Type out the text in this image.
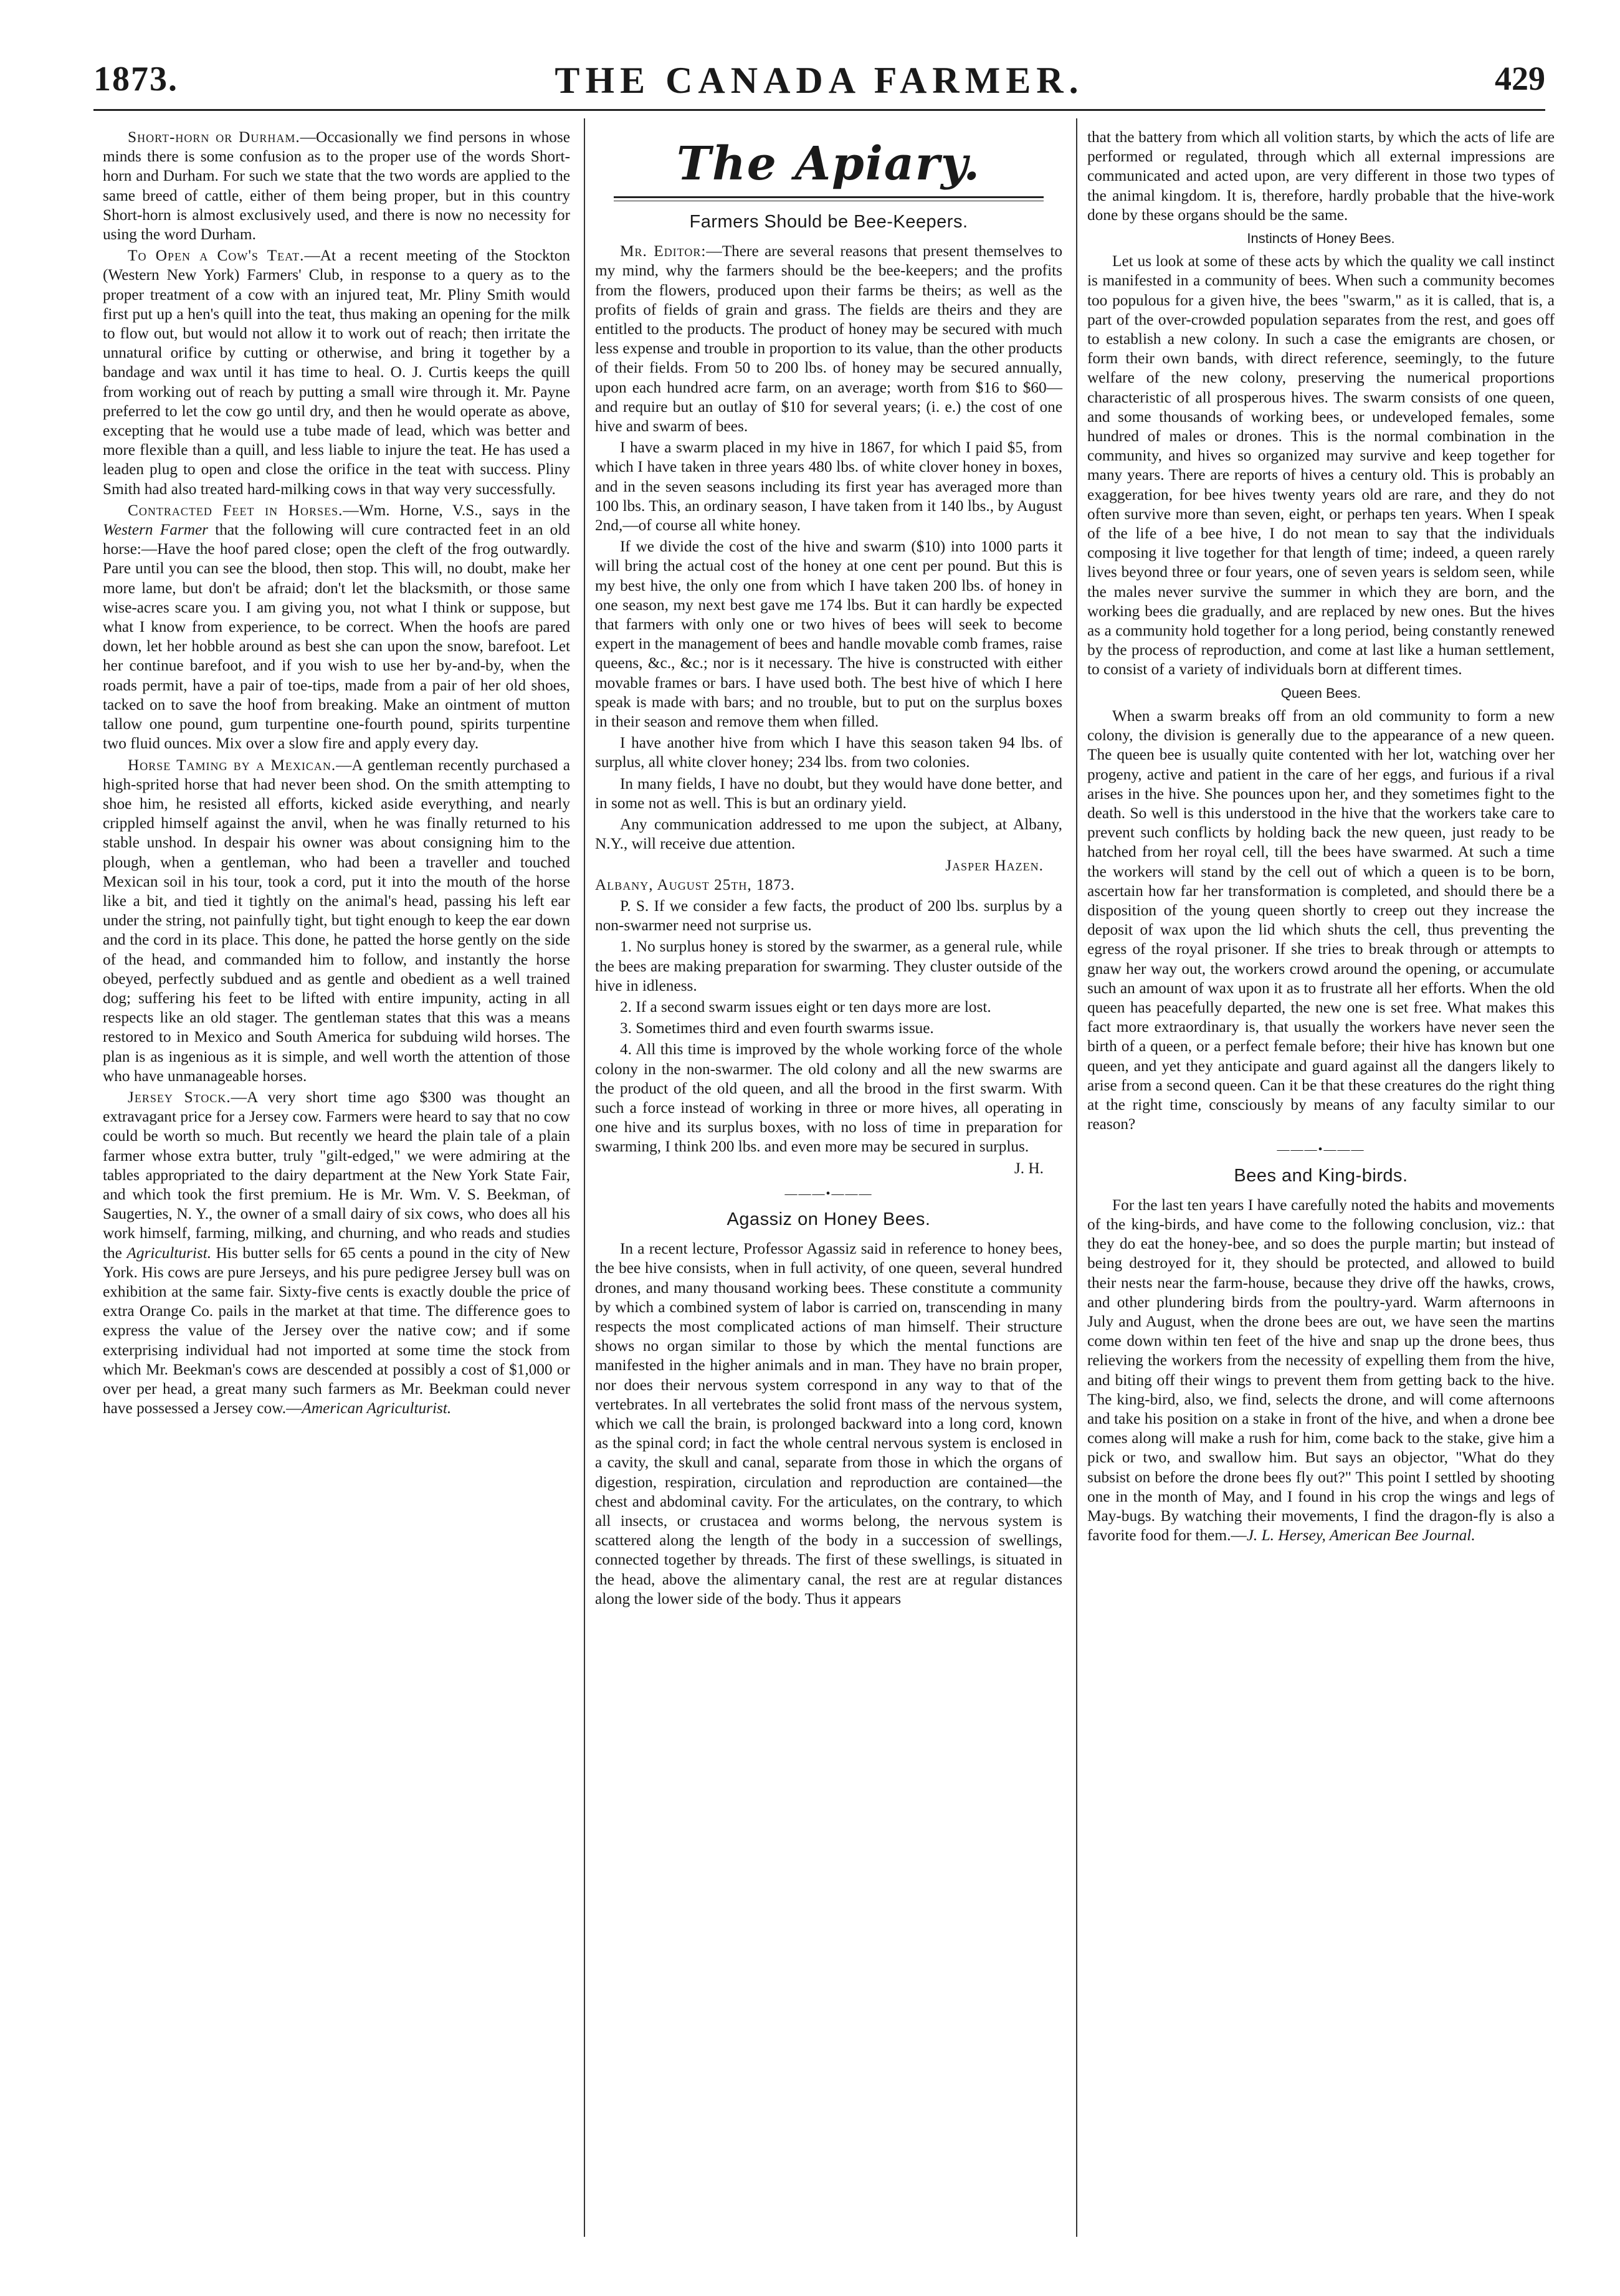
1873.	THE CANADA FARMER.	429

Short-horn or Durham.—Occasionally we find persons in whose minds there is some confusion as to the proper use of the words Short-horn and Durham. For such we state that the two words are applied to the same breed of cattle, either of them being proper, but in this country Short-horn is almost exclusively used, and there is now no necessity for using the word Durham.

To Open a Cow's Teat.—At a recent meeting of the Stockton (Western New York) Farmers' Club, in response to a query as to the proper treatment of a cow with an injured teat, Mr. Pliny Smith would first put up a hen's quill into the teat, thus making an opening for the milk to flow out, but would not allow it to work out of reach; then irritate the unnatural orifice by cutting or otherwise, and bring it together by a bandage and wax until it has time to heal. O. J. Curtis keeps the quill from working out of reach by putting a small wire through it. Mr. Payne preferred to let the cow go until dry, and then he would operate as above, excepting that he would use a tube made of lead, which was better and more flexible than a quill, and less liable to injure the teat. He has used a leaden plug to open and close the orifice in the teat with success. Pliny Smith had also treated hard-milking cows in that way very successfully.

Contracted Feet in Horses.—Wm. Horne, V.S., says in the Western Farmer that the following will cure contracted feet in an old horse:—Have the hoof pared close; open the cleft of the frog outwardly. Pare until you can see the blood, then stop. This will, no doubt, make her more lame, but don't be afraid; don't let the blacksmith, or those same wise-acres scare you. I am giving you, not what I think or suppose, but what I know from experience, to be correct. When the hoofs are pared down, let her hobble around as best she can upon the snow, barefoot. Let her continue barefoot, and if you wish to use her by-and-by, when the roads permit, have a pair of toe-tips, made from a pair of her old shoes, tacked on to save the hoof from breaking. Make an ointment of mutton tallow one pound, gum turpentine one-fourth pound, spirits turpentine two fluid ounces. Mix over a slow fire and apply every day.

Horse Taming by a Mexican.—A gentleman recently purchased a high-sprited horse that had never been shod. On the smith attempting to shoe him, he resisted all efforts, kicked aside everything, and nearly crippled himself against the anvil, when he was finally returned to his stable unshod. In despair his owner was about consigning him to the plough, when a gentleman, who had been a traveller and touched Mexican soil in his tour, took a cord, put it into the mouth of the horse like a bit, and tied it tightly on the animal's head, passing his left ear under the string, not painfully tight, but tight enough to keep the ear down and the cord in its place. This done, he patted the horse gently on the side of the head, and commanded him to follow, and instantly the horse obeyed, perfectly subdued and as gentle and obedient as a well trained dog; suffering his feet to be lifted with entire impunity, acting in all respects like an old stager. The gentleman states that this was a means restored to in Mexico and South America for subduing wild horses. The plan is as ingenious as it is simple, and well worth the attention of those who have unmanageable horses.

Jersey Stock.—A very short time ago $300 was thought an extravagant price for a Jersey cow. Farmers were heard to say that no cow could be worth so much. But recently we heard the plain tale of a plain farmer whose extra butter, truly "gilt-edged," we were admiring at the tables appropriated to the dairy department at the New York State Fair, and which took the first premium. He is Mr. Wm. V. S. Beekman, of Saugerties, N. Y., the owner of a small dairy of six cows, who does all his work himself, farming, milking, and churning, and who reads and studies the Agriculturist. His butter sells for 65 cents a pound in the city of New York. His cows are pure Jerseys, and his pure pedigree Jersey bull was on exhibition at the same fair. Sixty-five cents is exactly double the price of extra Orange Co. pails in the market at that time. The difference goes to express the value of the Jersey over the native cow; and if some exterprising individual had not imported at some time the stock from which Mr. Beekman's cows are descended at possibly a cost of $1,000 or over per head, a great many such farmers as Mr. Beekman could never have possessed a Jersey cow.—American Agriculturist.

The Apiary.
Farmers Should be Bee-Keepers.

Mr. Editor:—There are several reasons that present themselves to my mind, why the farmers should be the bee-keepers; and the profits from the flowers, produced upon their farms be theirs; as well as the profits of fields of grain and grass. The fields are theirs and they are entitled to the products. The product of honey may be secured with much less expense and trouble in proportion to its value, than the other products of their fields. From 50 to 200 lbs. of honey may be secured annually, upon each hundred acre farm, on an average; worth from $16 to $60—and require but an outlay of $10 for several years; (i. e.) the cost of one hive and swarm of bees.

I have a swarm placed in my hive in 1867, for which I paid $5, from which I have taken in three years 480 lbs. of white clover honey in boxes, and in the seven seasons including its first year has averaged more than 100 lbs. This, an ordinary season, I have taken from it 140 lbs., by August 2nd,—of course all white honey.

If we divide the cost of the hive and swarm ($10) into 1000 parts it will bring the actual cost of the honey at one cent per pound. But this is my best hive, the only one from which I have taken 200 lbs. of honey in one season, my next best gave me 174 lbs. But it can hardly be expected that farmers with only one or two hives of bees will seek to become expert in the management of bees and handle movable comb frames, raise queens, &c., &c.; nor is it necessary. The hive is constructed with either movable frames or bars. I have used both. The best hive of which I here speak is made with bars; and no trouble, but to put on the surplus boxes in their season and remove them when filled.

I have another hive from which I have this season taken 94 lbs. of surplus, all white clover honey; 234 lbs. from two colonies.

In many fields, I have no doubt, but they would have done better, and in some not as well. This is but an ordinary yield.

Any communication addressed to me upon the subject, at Albany, N.Y., will receive due attention.

Jasper Hazen.

Albany, August 25th, 1873.

P. S. If we consider a few facts, the product of 200 lbs. surplus by a non-swarmer need not surprise us.

1. No surplus honey is stored by the swarmer, as a general rule, while the bees are making preparation for swarming. They cluster outside of the hive in idleness.

2. If a second swarm issues eight or ten days more are lost.

3. Sometimes third and even fourth swarms issue.

4. All this time is improved by the whole working force of the whole colony in the non-swarmer. The old colony and all the new swarms are the product of the old queen, and all the brood in the first swarm. With such a force instead of working in three or more hives, all operating in one hive and its surplus boxes, with no loss of time in preparation for swarming, I think 200 lbs. and even more may be secured in surplus.

J. H.
———•———
Agassiz on Honey Bees.

In a recent lecture, Professor Agassiz said in reference to honey bees, the bee hive consists, when in full activity, of one queen, several hundred drones, and many thousand working bees. These constitute a community by which a combined system of labor is carried on, transcending in many respects the most complicated actions of man himself. Their structure shows no organ similar to those by which the mental functions are manifested in the higher animals and in man. They have no brain proper, nor does their nervous system correspond in any way to that of the vertebrates. In all vertebrates the solid front mass of the nervous system, which we call the brain, is prolonged backward into a long cord, known as the spinal cord; in fact the whole central nervous system is enclosed in a cavity, the skull and canal, separate from those in which the organs of digestion, respiration, circulation and reproduction are contained—the chest and abdominal cavity. For the articulates, on the contrary, to which all insects, or crustacea and worms belong, the nervous system is scattered along the length of the body in a succession of swellings, connected together by threads. The first of these swellings, is situated in the head, above the alimentary canal, the rest are at regular distances along the lower side of the body. Thus it appears

that the battery from which all volition starts, by which the acts of life are performed or regulated, through which all external impressions are communicated and acted upon, are very different in those two types of the animal kingdom. It is, therefore, hardly probable that the hive-work done by these organs should be the same.

Instincts of Honey Bees.

Let us look at some of these acts by which the quality we call instinct is manifested in a community of bees. When such a community becomes too populous for a given hive, the bees "swarm," as it is called, that is, a part of the over-crowded population separates from the rest, and goes off to establish a new colony. In such a case the emigrants are chosen, or form their own bands, with direct reference, seemingly, to the future welfare of the new colony, preserving the numerical proportions characteristic of all prosperous hives. The swarm consists of one queen, and some thousands of working bees, or undeveloped females, some hundred of males or drones. This is the normal combination in the community, and hives so organized may survive and keep together for many years. There are reports of hives a century old. This is probably an exaggeration, for bee hives twenty years old are rare, and they do not often survive more than seven, eight, or perhaps ten years. When I speak of the life of a bee hive, I do not mean to say that the individuals composing it live together for that length of time; indeed, a queen rarely lives beyond three or four years, one of seven years is seldom seen, while the males never survive the summer in which they are born, and the working bees die gradually, and are replaced by new ones. But the hives as a community hold together for a long period, being constantly renewed by the process of reproduction, and come at last like a human settlement, to consist of a variety of individuals born at different times.

Queen Bees.

When a swarm breaks off from an old community to form a new colony, the division is generally due to the appearance of a new queen. The queen bee is usually quite contented with her lot, watching over her progeny, active and patient in the care of her eggs, and furious if a rival arises in the hive. She pounces upon her, and they sometimes fight to the death. So well is this understood in the hive that the workers take care to prevent such conflicts by holding back the new queen, just ready to be hatched from her royal cell, till the bees have swarmed. At such a time the workers will stand by the cell out of which a queen is to be born, ascertain how far her transformation is completed, and should there be a disposition of the young queen shortly to creep out they increase the deposit of wax upon the lid which shuts the cell, thus preventing the egress of the royal prisoner. If she tries to break through or attempts to gnaw her way out, the workers crowd around the opening, or accumulate such an amount of wax upon it as to frustrate all her efforts. When the old queen has peacefully departed, the new one is set free. What makes this fact more extraordinary is, that usually the workers have never seen the birth of a queen, or a perfect female before; their hive has known but one queen, and yet they anticipate and guard against all the dangers likely to arise from a second queen. Can it be that these creatures do the right thing at the right time, consciously by means of any faculty similar to our reason?

———•———
Bees and King-birds.

For the last ten years I have carefully noted the habits and movements of the king-birds, and have come to the following conclusion, viz.: that they do eat the honey-bee, and so does the purple martin; but instead of being destroyed for it, they should be protected, and allowed to build their nests near the farm-house, because they drive off the hawks, crows, and other plundering birds from the poultry-yard. Warm afternoons in July and August, when the drone bees are out, we have seen the martins come down within ten feet of the hive and snap up the drone bees, thus relieving the workers from the necessity of expelling them from the hive, and biting off their wings to prevent them from getting back to the hive. The king-bird, also, we find, selects the drone, and will come afternoons and take his position on a stake in front of the hive, and when a drone bee comes along will make a rush for him, come back to the stake, give him a pick or two, and swallow him. But says an objector, "What do they subsist on before the drone bees fly out?" This point I settled by shooting one in the month of May, and I found in his crop the wings and legs of May-bugs. By watching their movements, I find the dragon-fly is also a favorite food for them.—J. L. Hersey, American Bee Journal.
